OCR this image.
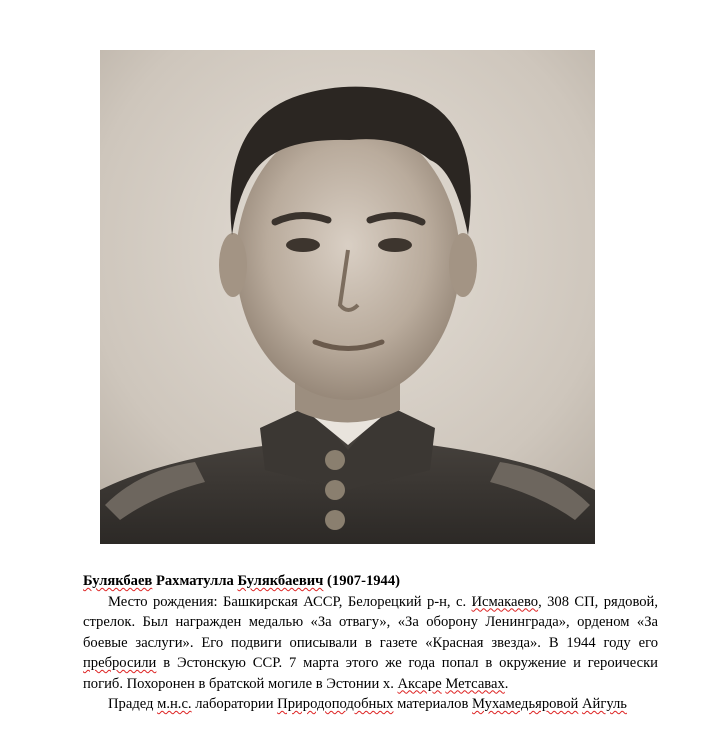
Булякбаев Рахматулла Булякбаевич (1907-1944)

Место рождения: Башкирская АССР, Белорецкий р-н, с. Исмакаево, 308 СП, рядовой, стрелок. Был награжден медалью «За отвагу», «За оборону Ленинграда», орденом «За боевые заслуги». Его подвиги описывали в газете «Красная звезда». В 1944 году его пребросили в Эстонскую ССР. 7 марта этого же года попал в окружение и героически погиб. Похоронен в братской могиле в Эстонии х. Аксаре Метсавах.

Прадед м.н.с. лаборатории Природоподобных материалов Мухамедьяровой Айгуль
